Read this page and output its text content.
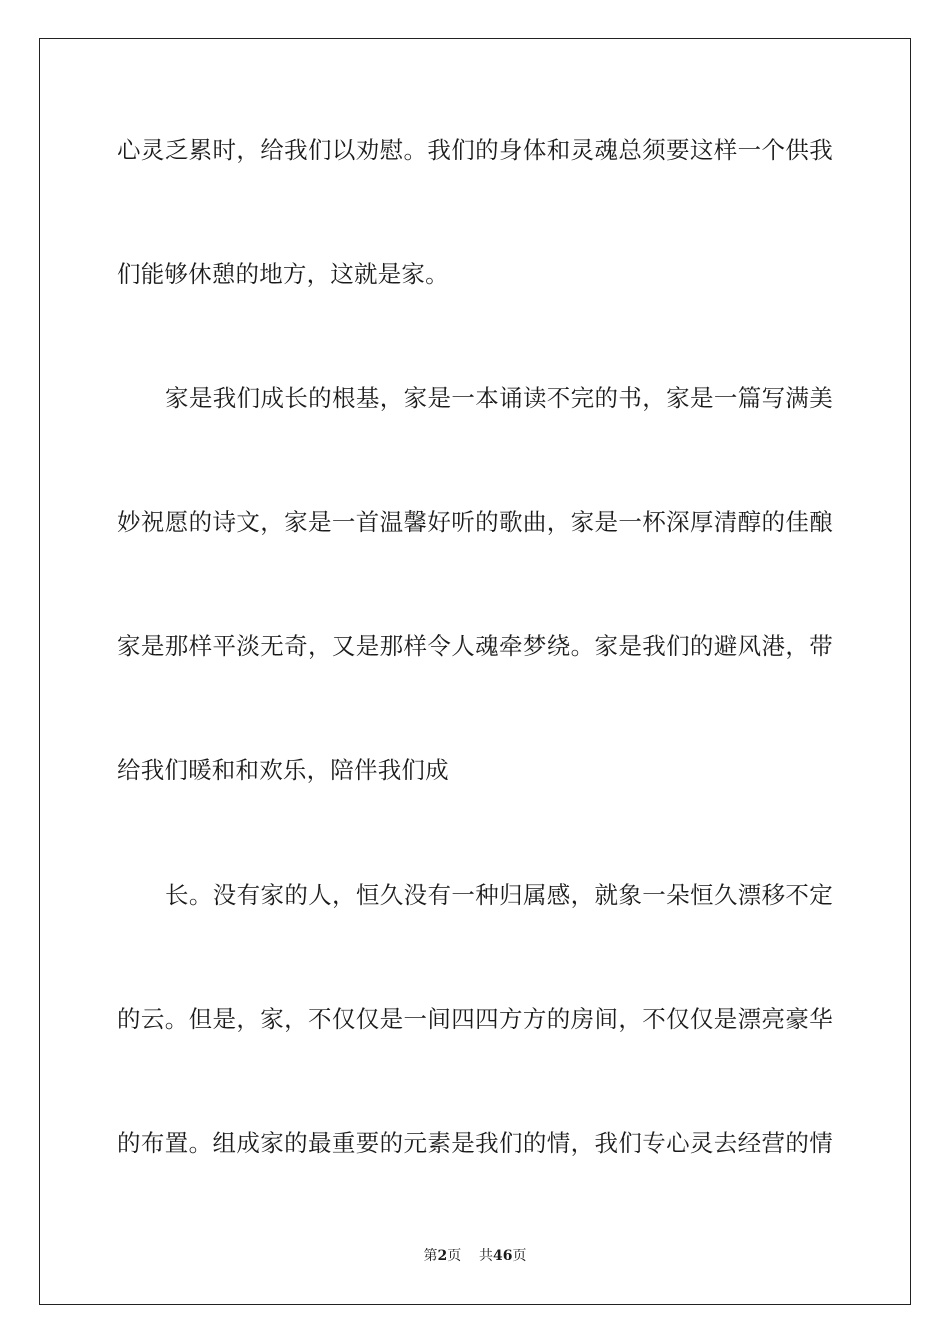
心灵乏累时，给我们以劝慰。我们的身体和灵魂总须要这样一个供我
们能够休憩的地方，这就是家。
家是我们成长的根基，家是一本诵读不完的书，家是一篇写满美
妙祝愿的诗文，家是一首温馨好听的歌曲，家是一杯深厚清醇的佳酿
家是那样平淡无奇，又是那样令人魂牵梦绕。家是我们的避风港，带
给我们暖和和欢乐，陪伴我们成
长。没有家的人，恒久没有一种归属感，就象一朵恒久漂移不定
的云。但是，家，不仅仅是一间四四方方的房间，不仅仅是漂亮豪华
的布置。组成家的最重要的元素是我们的情，我们专心灵去经营的情
第2页 共46页
